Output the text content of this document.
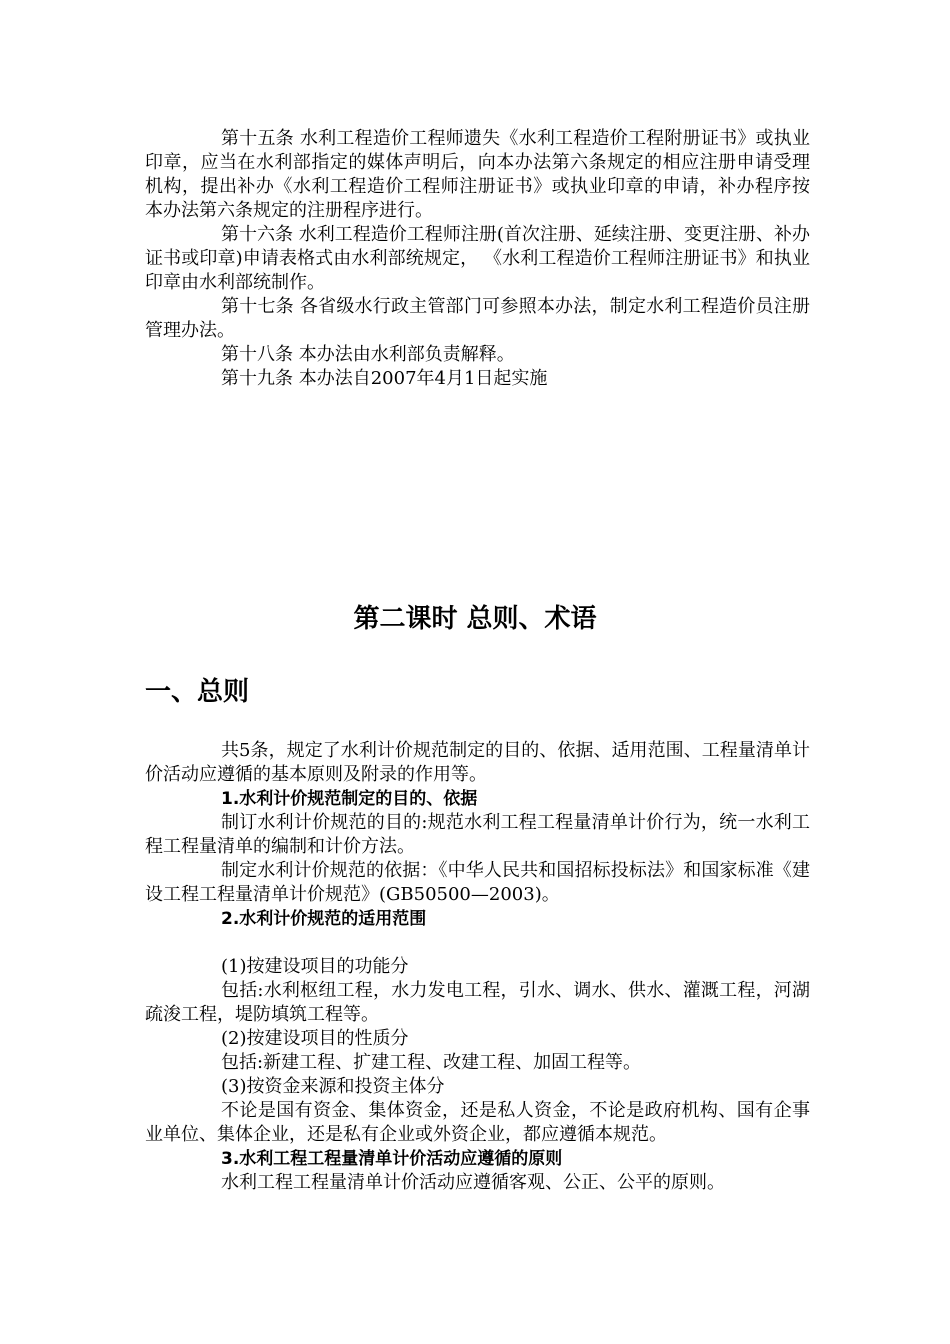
第十五条 水利工程造价工程师遗失《水利工程造价工程附册证书》或执业印章，应当在水利部指定的媒体声明后，向本办法第六条规定的相应注册申请受理机构，提出补办《水利工程造价工程师注册证书》或执业印章的申请，补办程序按本办法第六条规定的注册程序进行。

第十六条 水利工程造价工程师注册(首次注册、延续注册、变更注册、补办证书或印章)申请表格式由水利部统规定， 《水利工程造价工程师注册证书》和执业印章由水利部统制作。

第十七条 各省级水行政主管部门可参照本办法，制定水利工程造价员注册管理办法。

第十八条 本办法由水利部负责解释。

第十九条 本办法自2007年4月1日起实施

第二课时 总则、术语
一、总则

共5条，规定了水利计价规范制定的目的、依据、适用范围、工程量清单计价活动应遵循的基本原则及附录的作用等。

1.水利计价规范制定的目的、依据

制订水利计价规范的目的:规范水利工程工程量清单计价行为，统一水利工程工程量清单的编制和计价方法。

制定水利计价规范的依据：《中华人民共和国招标投标法》和国家标准《建设工程工程量清单计价规范》(GB50500—2003)。

2.水利计价规范的适用范围

(1)按建设项目的功能分

包括:水利枢纽工程，水力发电工程，引水、调水、供水、灌溉工程，河湖疏浚工程，堤防填筑工程等。

(2)按建设项目的性质分

包括:新建工程、扩建工程、改建工程、加固工程等。

(3)按资金来源和投资主体分

不论是国有资金、集体资金，还是私人资金，不论是政府机构、国有企事业单位、集体企业，还是私有企业或外资企业，都应遵循本规范。

3.水利工程工程量清单计价活动应遵循的原则

水利工程工程量清单计价活动应遵循客观、公正、公平的原则。
